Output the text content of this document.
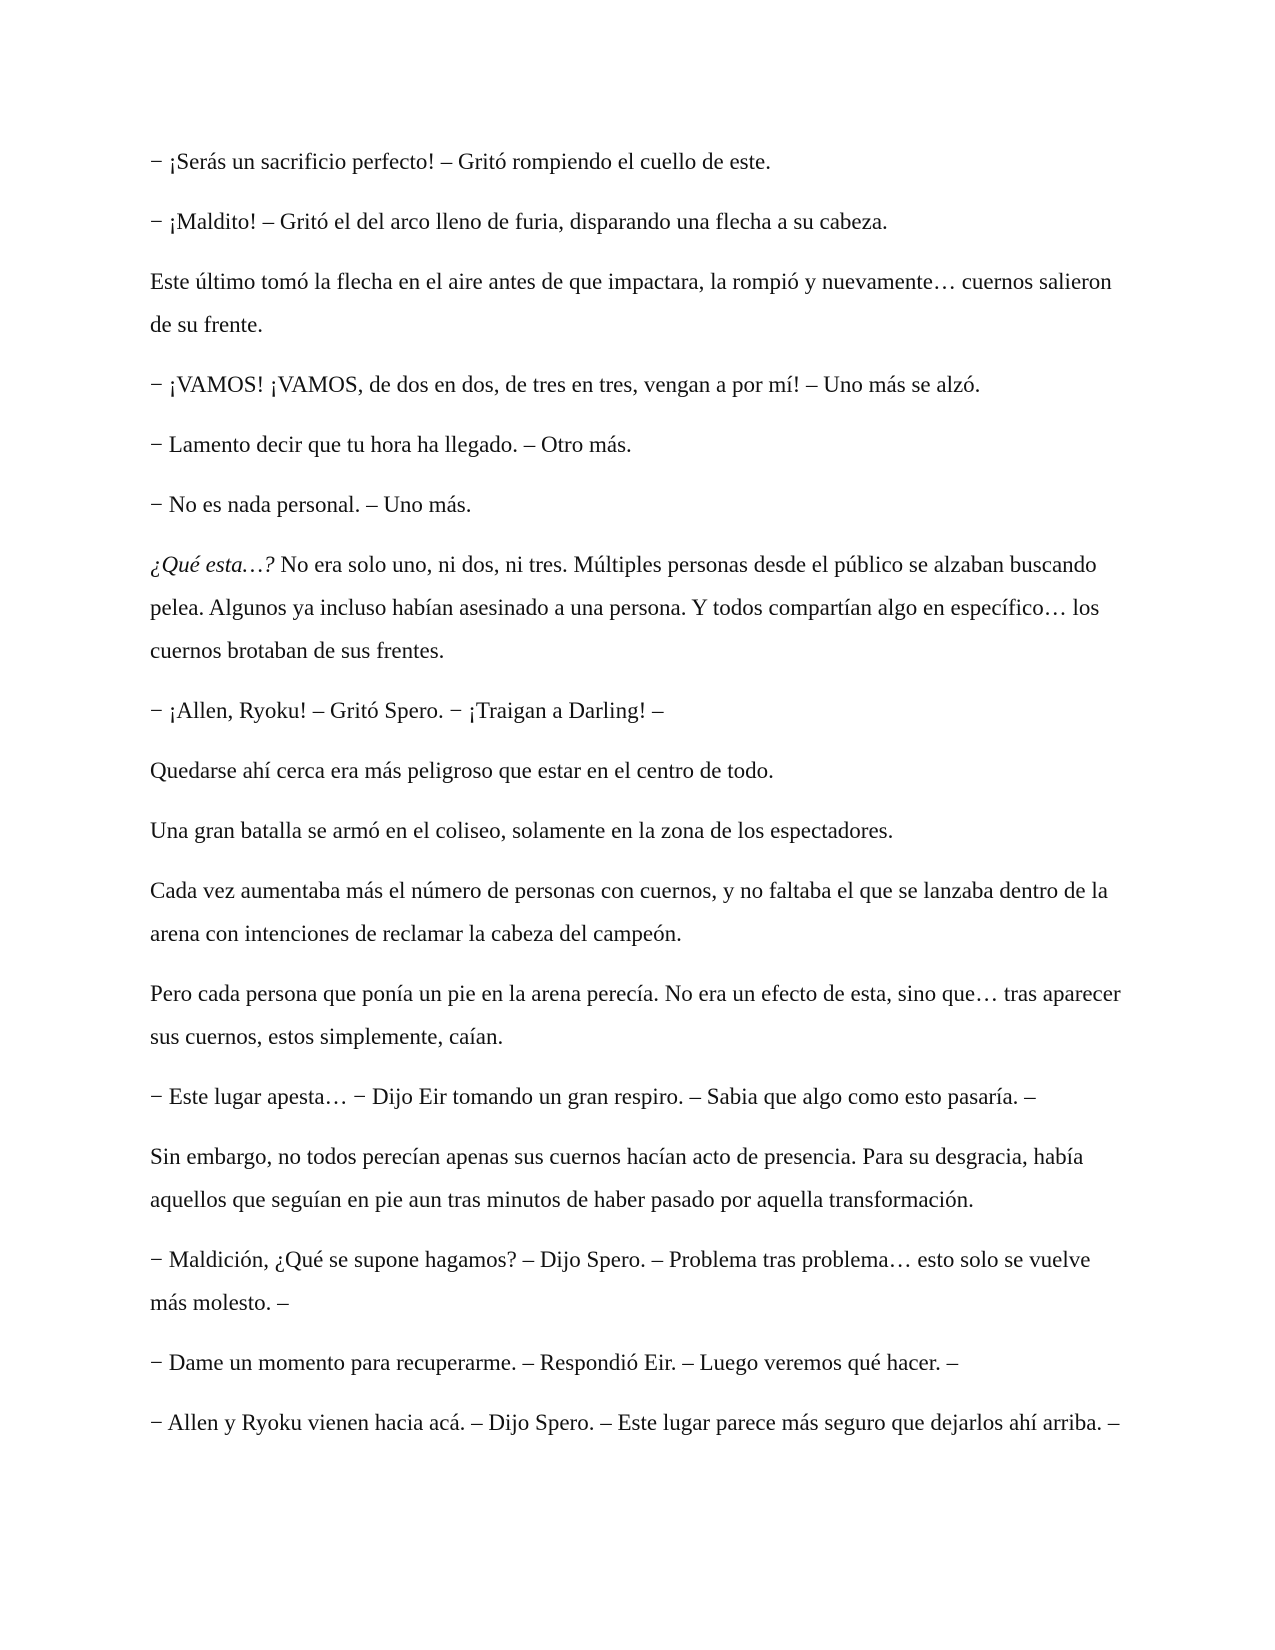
− ¡Serás un sacrificio perfecto! – Gritó rompiendo el cuello de este.

− ¡Maldito! – Gritó el del arco lleno de furia, disparando una flecha a su cabeza.

Este último tomó la flecha en el aire antes de que impactara, la rompió y nuevamente… cuernos salieron de su frente.

− ¡VAMOS! ¡VAMOS, de dos en dos, de tres en tres, vengan a por mí! – Uno más se alzó.

− Lamento decir que tu hora ha llegado. – Otro más.

− No es nada personal. – Uno más.

¿Qué esta…? No era solo uno, ni dos, ni tres. Múltiples personas desde el público se alzaban buscando pelea. Algunos ya incluso habían asesinado a una persona. Y todos compartían algo en específico… los cuernos brotaban de sus frentes.

− ¡Allen, Ryoku! – Gritó Spero. − ¡Traigan a Darling! –

Quedarse ahí cerca era más peligroso que estar en el centro de todo.

Una gran batalla se armó en el coliseo, solamente en la zona de los espectadores.

Cada vez aumentaba más el número de personas con cuernos, y no faltaba el que se lanzaba dentro de la arena con intenciones de reclamar la cabeza del campeón.

Pero cada persona que ponía un pie en la arena perecía. No era un efecto de esta, sino que… tras aparecer sus cuernos, estos simplemente, caían.

− Este lugar apesta… − Dijo Eir tomando un gran respiro. – Sabia que algo como esto pasaría. –

Sin embargo, no todos perecían apenas sus cuernos hacían acto de presencia. Para su desgracia, había aquellos que seguían en pie aun tras minutos de haber pasado por aquella transformación.

− Maldición, ¿Qué se supone hagamos? – Dijo Spero. – Problema tras problema… esto solo se vuelve más molesto. –

− Dame un momento para recuperarme. – Respondió Eir. – Luego veremos qué hacer. –

− Allen y Ryoku vienen hacia acá. – Dijo Spero. – Este lugar parece más seguro que dejarlos ahí arriba. –
